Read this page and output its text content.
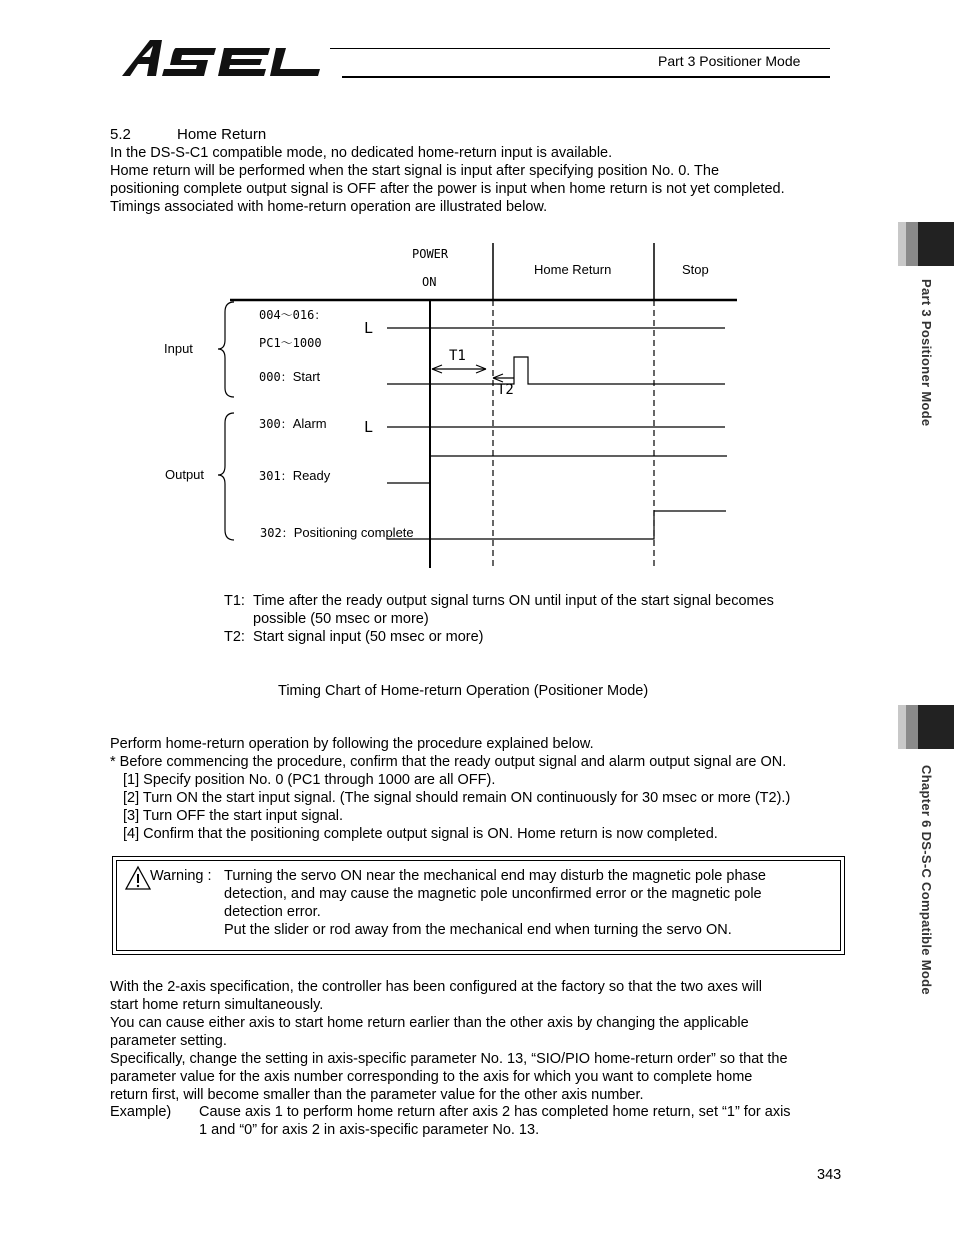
Part 3 Positioner Mode
Part 3 Positioner Mode
Chapter 6 DS-S-C Compatible Mode
5.2	Home Return
In the DS-S-C1 compatible mode, no dedicated home-return input is available.
Home return will be performed when the start signal is input after specifying position No. 0. The
positioning complete output signal is OFF after the power is input when home return is not yet completed.
Timings associated with home-return operation are illustrated below.
POWER
ON
Home Return	Stop
Input
Output
004～016：
PC1～1000
000：Start
300：Alarm
301：Ready
302：Positioning complete
L
L
T1
T2
T1: Time after the ready output signal turns ON until input of the start signal becomes
possible (50 msec or more)
T2: Start signal input (50 msec or more)
Timing Chart of Home-return Operation (Positioner Mode)
Perform home-return operation by following the procedure explained below.
* Before commencing the procedure, confirm that the ready output signal and alarm output signal are ON.
[1] Specify position No. 0 (PC1 through 1000 are all OFF).
[2] Turn ON the start input signal. (The signal should remain ON continuously for 30 msec or more (T2).)
[3] Turn OFF the start input signal.
[4] Confirm that the positioning complete output signal is ON. Home return is now completed.
Warning : Turning the servo ON near the mechanical end may disturb the magnetic pole phase
detection, and may cause the magnetic pole unconfirmed error or the magnetic pole
detection error.
Put the slider or rod away from the mechanical end when turning the servo ON.
With the 2-axis specification, the controller has been configured at the factory so that the two axes will
start home return simultaneously.
You can cause either axis to start home return earlier than the other axis by changing the applicable
parameter setting.
Specifically, change the setting in axis-specific parameter No. 13, “SIO/PIO home-return order” so that the
parameter value for the axis number corresponding to the axis for which you want to complete home
return first, will become smaller than the parameter value for the other axis number.
Example) Cause axis 1 to perform home return after axis 2 has completed home return, set “1” for axis
1 and “0” for axis 2 in axis-specific parameter No. 13.
343
